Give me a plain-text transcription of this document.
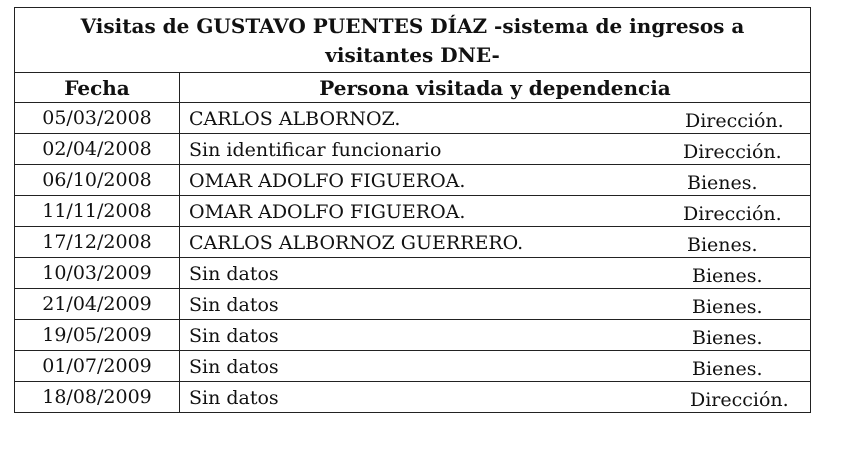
Visitas de GUSTAVO PUENTES DÍAZ -sistema de ingresos a visitantes DNE-	

Fecha	Persona visitada y dependencia
05/03/2008	CARLOS ALBORNOZ. Dirección.

02/04/2008	Sin identificar funcionario Dirección.

06/10/2008	OMAR ADOLFO FIGUEROA. Bienes.

11/11/2008	OMAR ADOLFO FIGUEROA. Dirección.

17/12/2008	CARLOS ALBORNOZ GUERRERO. Bienes.

10/03/2009	Sin datos Bienes.

21/04/2009	Sin datos Bienes.

19/05/2009	Sin datos Bienes.

01/07/2009	Sin datos Bienes.

18/08/2009	Sin datos Dirección.
